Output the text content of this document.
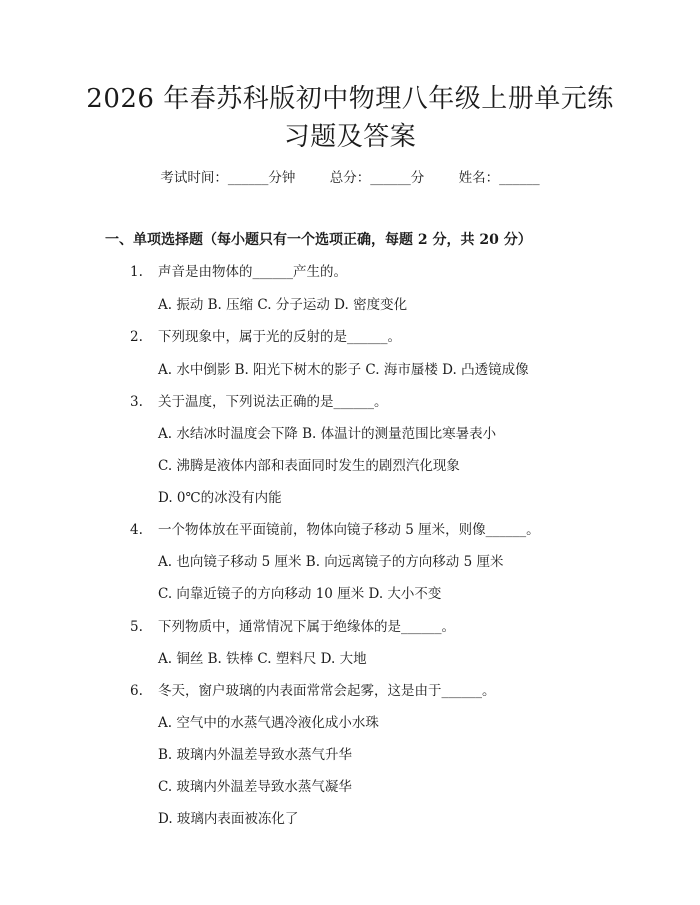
2026 年春苏科版初中物理八年级上册单元练
习题及答案
考试时间：______分钟	总分：______分	姓名：______
一、单项选择题（每小题只有一个选项正确，每题 2 分，共 20 分）
1. 声音是由物体的______产生的。
A. 振动 B. 压缩 C. 分子运动 D. 密度变化
2. 下列现象中，属于光的反射的是______。
A. 水中倒影 B. 阳光下树木的影子 C. 海市蜃楼 D. 凸透镜成像
3. 关于温度，下列说法正确的是______。
A. 水结冰时温度会下降 B. 体温计的测量范围比寒暑表小
C. 沸腾是液体内部和表面同时发生的剧烈汽化现象
D. 0℃的冰没有内能
4. 一个物体放在平面镜前，物体向镜子移动 5 厘米，则像______。
A. 也向镜子移动 5 厘米 B. 向远离镜子的方向移动 5 厘米
C. 向靠近镜子的方向移动 10 厘米 D. 大小不变
5. 下列物质中，通常情况下属于绝缘体的是______。
A. 铜丝 B. 铁棒 C. 塑料尺 D. 大地
6. 冬天，窗户玻璃的内表面常常会起雾，这是由于______。
A. 空气中的水蒸气遇冷液化成小水珠
B. 玻璃内外温差导致水蒸气升华
C. 玻璃内外温差导致水蒸气凝华
D. 玻璃内表面被冻化了
